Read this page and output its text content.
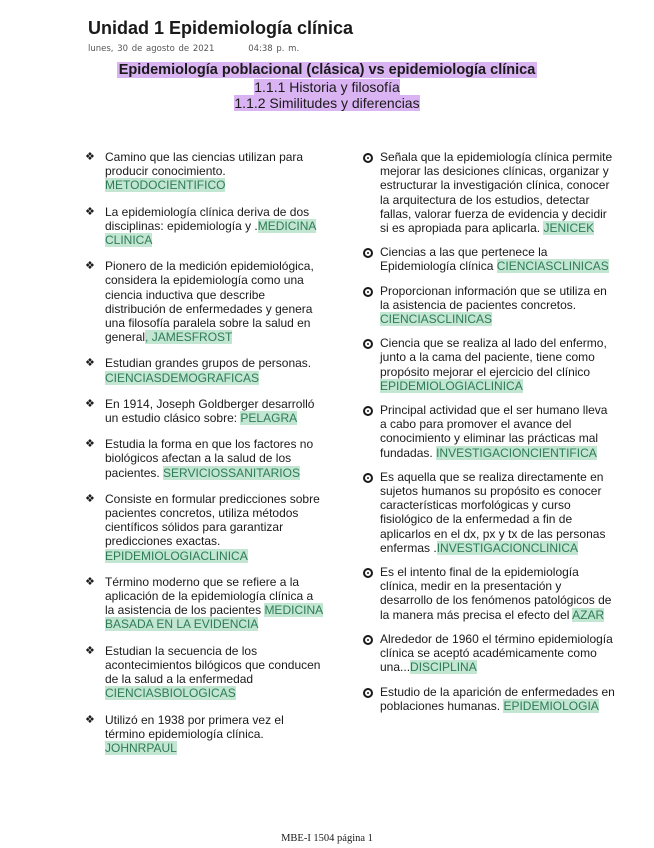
Unidad 1 Epidemiología clínica
lunes, 30 de agosto de 2021	04:38 p. m.
Epidemiología poblacional (clásica) vs epidemiología clínica
1.1.1 Historia y filosofía
1.1.2 Similitudes y diferencias
❖ Camino que las ciencias utilizan para producir conocimiento. METODOCIENTIFICO
❖ La epidemiología clínica deriva de dos disciplinas: epidemiología y .MEDICINA CLINICA
❖ Pionero de la medición epidemiológica, considera la epidemiología como una ciencia inductiva que describe distribución de enfermedades y genera una filosofía paralela sobre la salud en general, JAMESFROST
❖ Estudian grandes grupos de personas. CIENCIASDEMOGRAFICAS
❖ En 1914, Joseph Goldberger desarrolló un estudio clásico sobre: PELAGRA
❖ Estudia la forma en que los factores no biológicos afectan a la salud de los pacientes. SERVICIOSSANITARIOS
❖ Consiste en formular predicciones sobre pacientes concretos, utiliza métodos científicos sólidos para garantizar predicciones exactas. EPIDEMIOLOGIACLINICA
❖ Término moderno que se refiere a la aplicación de la epidemiología clínica a la asistencia de los pacientes MEDICINA BASADA EN LA EVIDENCIA
❖ Estudian la secuencia de los acontecimientos bilógicos que conducen de la salud a la enfermedad CIENCIASBIOLOGICAS
❖ Utilizó en 1938 por primera vez el término epidemiología clínica. JOHNRPAUL
Señala que la epidemiología clínica permite mejorar las desiciones clínicas, organizar y estructurar la investigación clínica, conocer la arquitectura de los estudios, detectar fallas, valorar fuerza de evidencia y decidir si es apropiada para aplicarla. JENICEK
Ciencias a las que pertenece la Epidemiología clínica CIENCIASCLINICAS
Proporcionan información que se utiliza en la asistencia de pacientes concretos. CIENCIASCLINICAS
Ciencia que se realiza al lado del enfermo, junto a la cama del paciente, tiene como propósito mejorar el ejercicio del clínico EPIDEMIOLOGIACLINICA
Principal actividad que el ser humano lleva a cabo para promover el avance del conocimiento y eliminar las prácticas mal fundadas. INVESTIGACIONCIENTIFICA
Es aquella que se realiza directamente en sujetos humanos su propósito es conocer características morfológicas y curso fisiológico de la enfermedad a fin de aplicarlos en el dx, px y tx de las personas enfermas .INVESTIGACIONCLINICA
Es el intento final de la epidemiología clínica, medir en la presentación y desarrollo de los fenómenos patológicos de la manera más precisa el efecto del AZAR
Alrededor de 1960 el término epidemiología clínica se aceptó académicamente como una...DISCIPLINA
Estudio de la aparición de enfermedades en poblaciones humanas. EPIDEMIOLOGIA
MBE-I 1504 página 1
